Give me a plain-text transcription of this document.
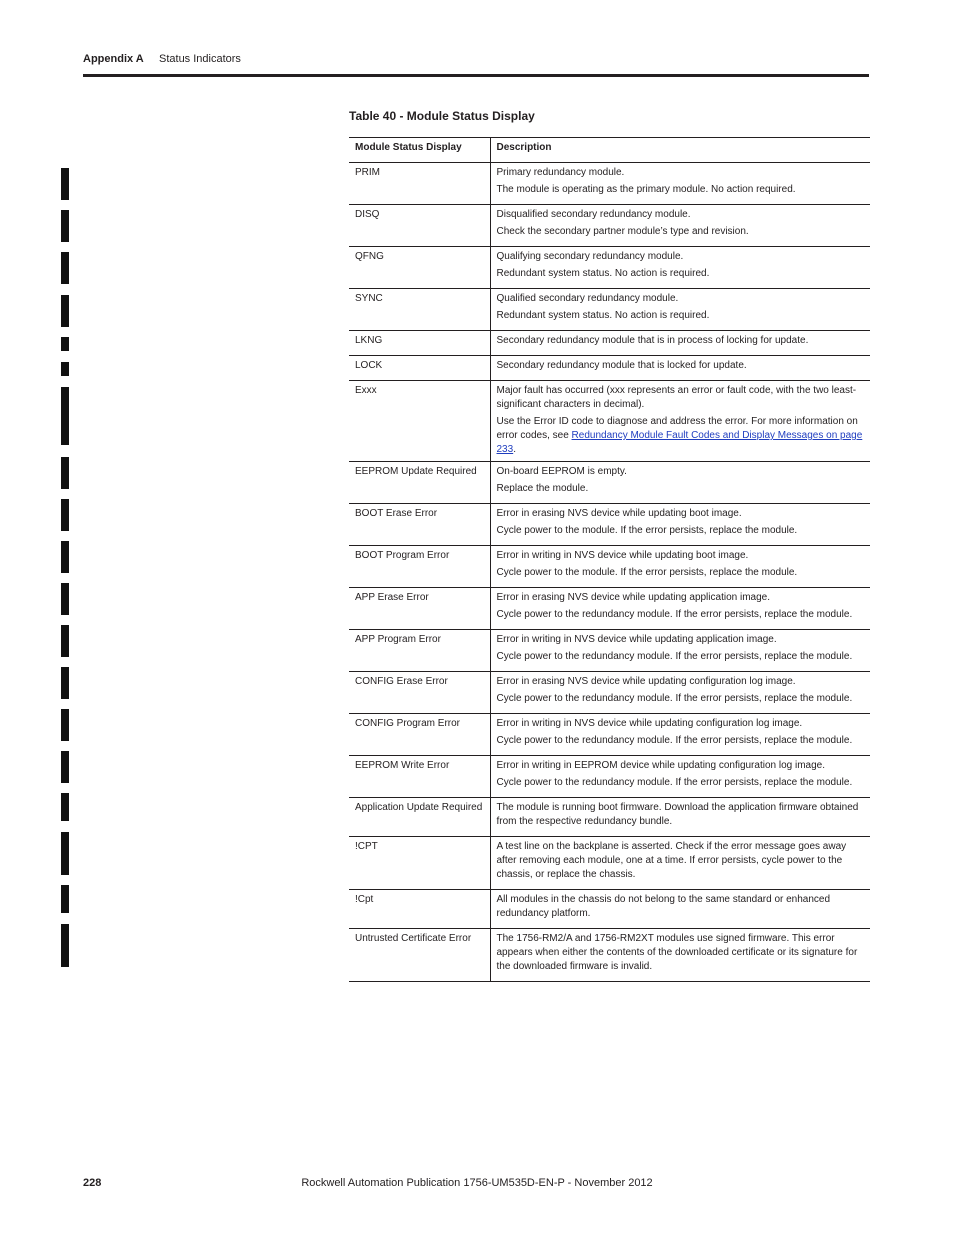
Appendix A Status Indicators
Table 40 - Module Status Display
Module Status Display	Description
PRIM	Primary redundancy module.

The module is operating as the primary module. No action required.

DISQ	Disqualified secondary redundancy module.

Check the secondary partner module’s type and revision.

QFNG	Qualifying secondary redundancy module.

Redundant system status. No action is required.

SYNC	Qualified secondary redundancy module.

Redundant system status. No action is required.

LKNG	Secondary redundancy module that is in process of locking for update.

LOCK	Secondary redundancy module that is locked for update.

Exxx	Major fault has occurred (xxx represents an error or fault code, with the two least-significant characters in decimal).

Use the Error ID code to diagnose and address the error. For more information on error codes, see Redundancy Module Fault Codes and Display Messages on page 233.

EEPROM Update Required	On-board EEPROM is empty.

Replace the module.

BOOT Erase Error	Error in erasing NVS device while updating boot image.

Cycle power to the module. If the error persists, replace the module.

BOOT Program Error	Error in writing in NVS device while updating boot image.

Cycle power to the module. If the error persists, replace the module.

APP Erase Error	Error in erasing NVS device while updating application image.

Cycle power to the redundancy module. If the error persists, replace the module.

APP Program Error	Error in writing in NVS device while updating application image.

Cycle power to the redundancy module. If the error persists, replace the module.

CONFIG Erase Error	Error in erasing NVS device while updating configuration log image.

Cycle power to the redundancy module. If the error persists, replace the module.

CONFIG Program Error	Error in writing in NVS device while updating configuration log image.

Cycle power to the redundancy module. If the error persists, replace the module.

EEPROM Write Error	Error in writing in EEPROM device while updating configuration log image.

Cycle power to the redundancy module. If the error persists, replace the module.

Application Update Required	The module is running boot firmware. Download the application firmware obtained from the respective redundancy bundle.

!CPT	A test line on the backplane is asserted. Check if the error message goes away after removing each module, one at a time. If error persists, cycle power to the chassis, or replace the chassis.

!Cpt	All modules in the chassis do not belong to the same standard or enhanced redundancy platform.

Untrusted Certificate Error	The 1756-RM2/A and 1756-RM2XT modules use signed firmware. This error appears when either the contents of the downloaded certificate or its signature for the downloaded firmware is invalid.

228	Rockwell Automation Publication 1756-UM535D-EN-P - November 2012
